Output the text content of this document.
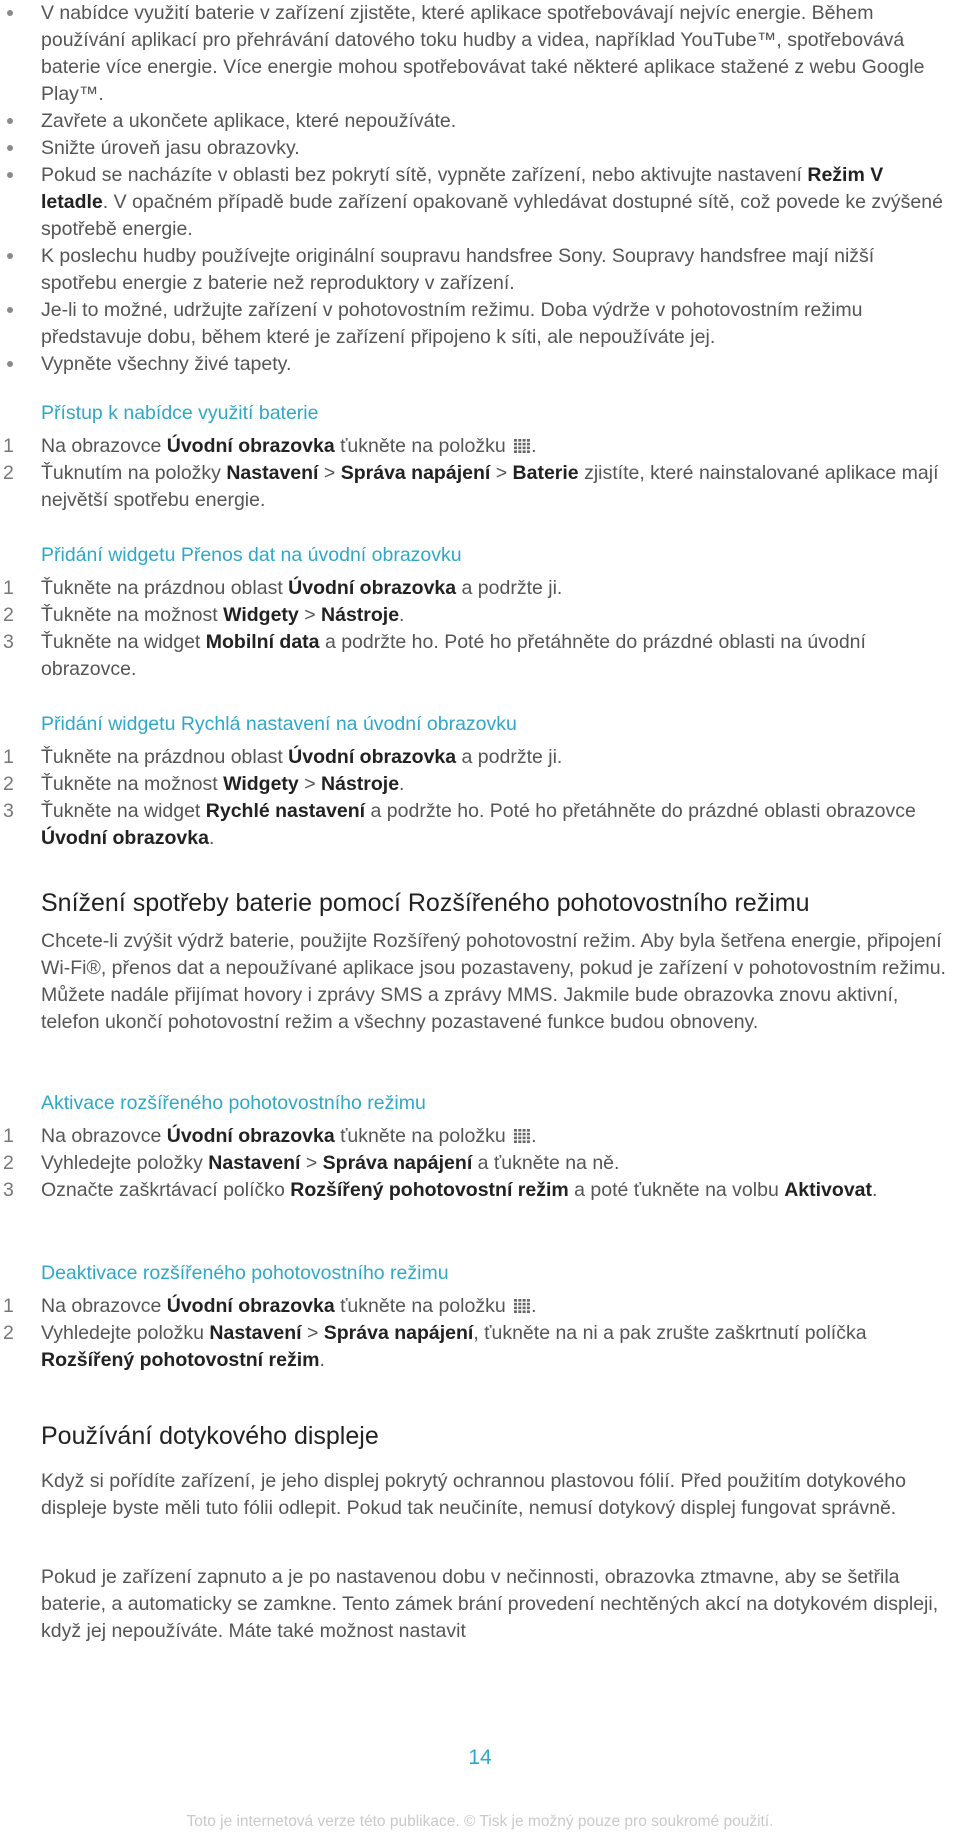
V nabídce využití baterie v zařízení zjistěte, které aplikace spotřebovávají nejvíc energie. Během používání aplikací pro přehrávání datového toku hudby a videa, například YouTube™, spotřebovává baterie více energie. Více energie mohou spotřebovávat také některé aplikace stažené z webu Google Play™.
Zavřete a ukončete aplikace, které nepoužíváte.
Snižte úroveň jasu obrazovky.
Pokud se nacházíte v oblasti bez pokrytí sítě, vypněte zařízení, nebo aktivujte nastavení Režim V letadle. V opačném případě bude zařízení opakovaně vyhledávat dostupné sítě, což povede ke zvýšené spotřebě energie.
K poslechu hudby používejte originální soupravu handsfree Sony. Soupravy handsfree mají nižší spotřebu energie z baterie než reproduktory v zařízení.
Je-li to možné, udržujte zařízení v pohotovostním režimu. Doba výdrže v pohotovostním režimu představuje dobu, během které je zařízení připojeno k síti, ale nepoužíváte jej.
Vypněte všechny živé tapety.
Přístup k nabídce využití baterie
1 Na obrazovce Úvodní obrazovka ťukněte na položku .
2 Ťuknutím na položky Nastavení > Správa napájení > Baterie zjistíte, které nainstalované aplikace mají největší spotřebu energie.
Přidání widgetu Přenos dat na úvodní obrazovku
1 Ťukněte na prázdnou oblast Úvodní obrazovka a podržte ji.
2 Ťukněte na možnost Widgety > Nástroje.
3 Ťukněte na widget Mobilní data a podržte ho. Poté ho přetáhněte do prázdné oblasti na úvodní obrazovce.
Přidání widgetu Rychlá nastavení na úvodní obrazovku
1 Ťukněte na prázdnou oblast Úvodní obrazovka a podržte ji.
2 Ťukněte na možnost Widgety > Nástroje.
3 Ťukněte na widget Rychlé nastavení a podržte ho. Poté ho přetáhněte do prázdné oblasti obrazovce Úvodní obrazovka.
Snížení spotřeby baterie pomocí Rozšířeného pohotovostního režimu
Chcete-li zvýšit výdrž baterie, použijte Rozšířený pohotovostní režim. Aby byla šetřena energie, připojení Wi-Fi®, přenos dat a nepoužívané aplikace jsou pozastaveny, pokud je zařízení v pohotovostním režimu. Můžete nadále přijímat hovory i zprávy SMS a zprávy MMS. Jakmile bude obrazovka znovu aktivní, telefon ukončí pohotovostní režim a všechny pozastavené funkce budou obnoveny.
Aktivace rozšířeného pohotovostního režimu
1 Na obrazovce Úvodní obrazovka ťukněte na položku .
2 Vyhledejte položky Nastavení > Správa napájení a ťukněte na ně.
3 Označte zaškrtávací políčko Rozšířený pohotovostní režim a poté ťukněte na volbu Aktivovat.
Deaktivace rozšířeného pohotovostního režimu
1 Na obrazovce Úvodní obrazovka ťukněte na položku .
2 Vyhledejte položku Nastavení > Správa napájení, ťukněte na ni a pak zrušte zaškrtnutí políčka Rozšířený pohotovostní režim.
Používání dotykového displeje
Když si pořídíte zařízení, je jeho displej pokrytý ochrannou plastovou fólií. Před použitím dotykového displeje byste měli tuto fólii odlepit. Pokud tak neučiníte, nemusí dotykový displej fungovat správně.
Pokud je zařízení zapnuto a je po nastavenou dobu v nečinnosti, obrazovka ztmavne, aby se šetřila baterie, a automaticky se zamkne. Tento zámek brání provedení nechtěných akcí na dotykovém displeji, když jej nepoužíváte. Máte také možnost nastavit
14
Toto je internetová verze této publikace. © Tisk je možný pouze pro soukromé použití.
